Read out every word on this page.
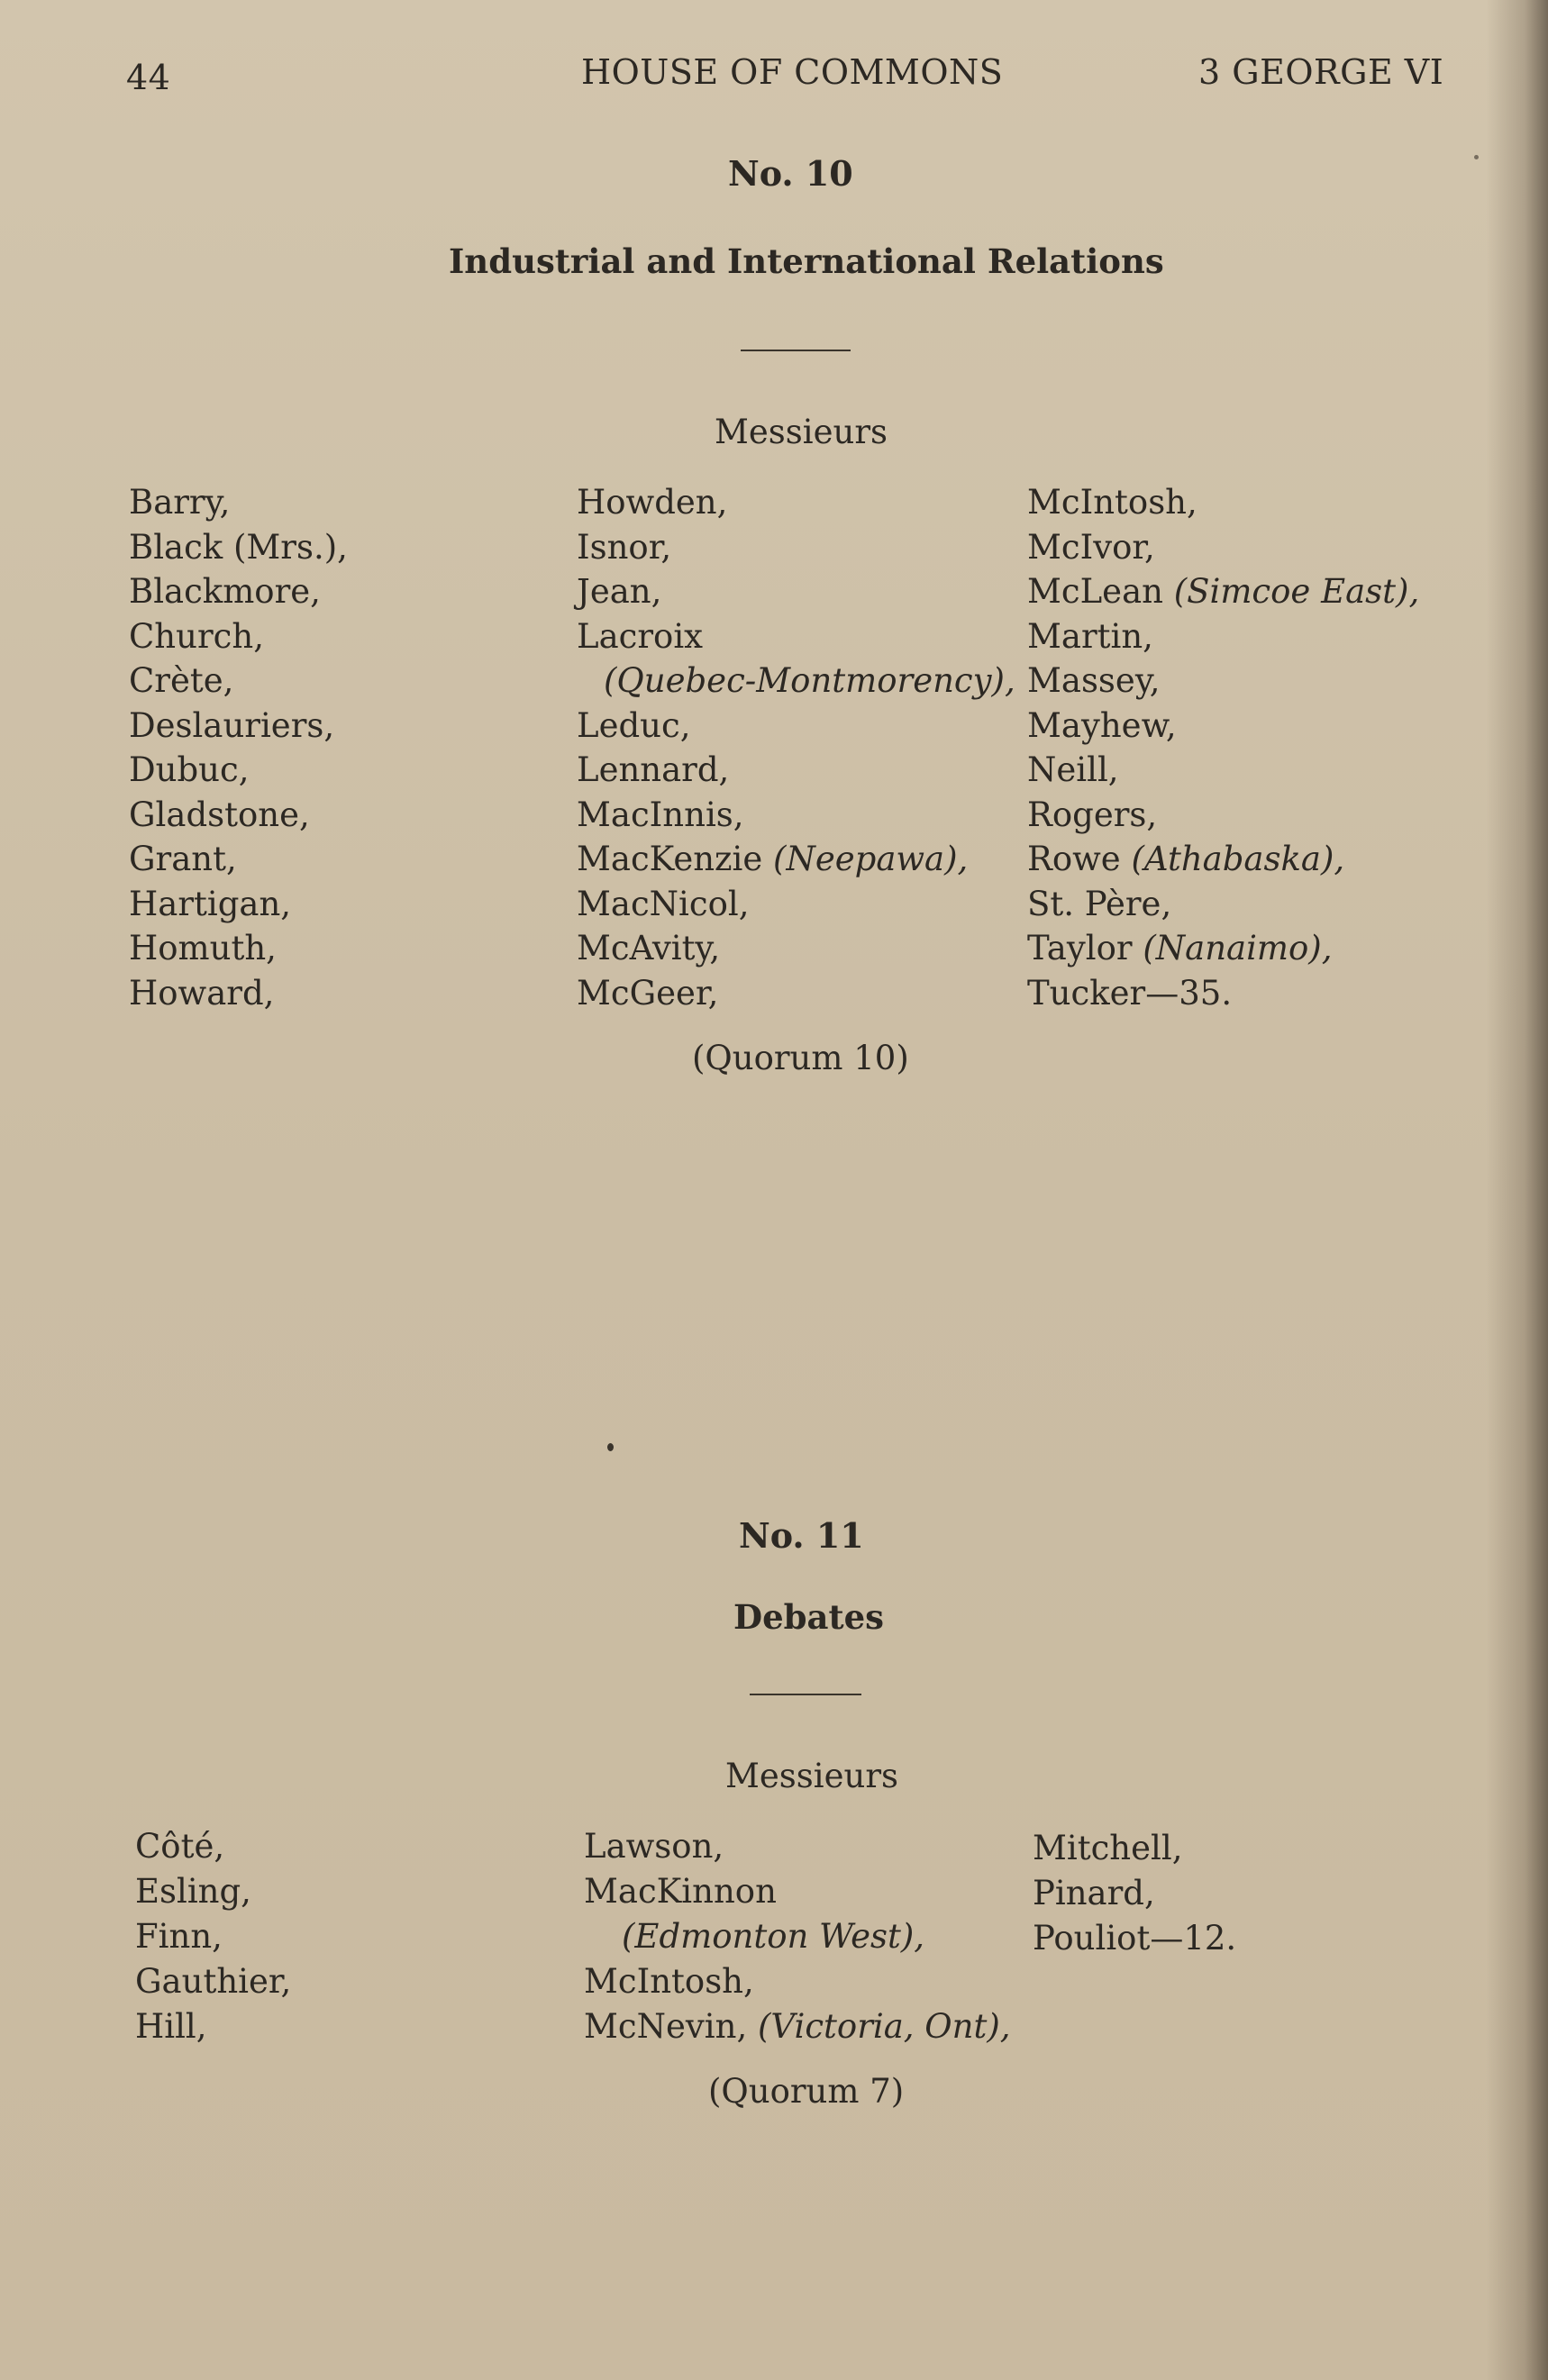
44	HOUSE OF COMMONS	3 GEORGE VI
No. 10
Industrial and International Relations
Messieurs
Barry,
Black (Mrs.),
Blackmore,
Church,
Crète,
Deslauriers,
Dubuc,
Gladstone,
Grant,
Hartigan,
Homuth,
Howard,
Howden,
Isnor,
Jean,
Lacroix
(Quebec-Montmorency),
Leduc,
Lennard,
MacInnis,
MacKenzie (Neepawa),
MacNicol,
McAvity,
McGeer,
McIntosh,
McIvor,
McLean (Simcoe East),
Martin,
Massey,
Mayhew,
Neill,
Rogers,
Rowe (Athabaska),
St. Père,
Taylor (Nanaimo),
Tucker—35.
(Quorum 10)
No. 11
Debates
Messieurs
Côté,
Esling,
Finn,
Gauthier,
Hill,
Lawson,
MacKinnon
(Edmonton West),
McIntosh,
McNevin, (Victoria, Ont),
Mitchell,
Pinard,
Pouliot—12.
(Quorum 7)
